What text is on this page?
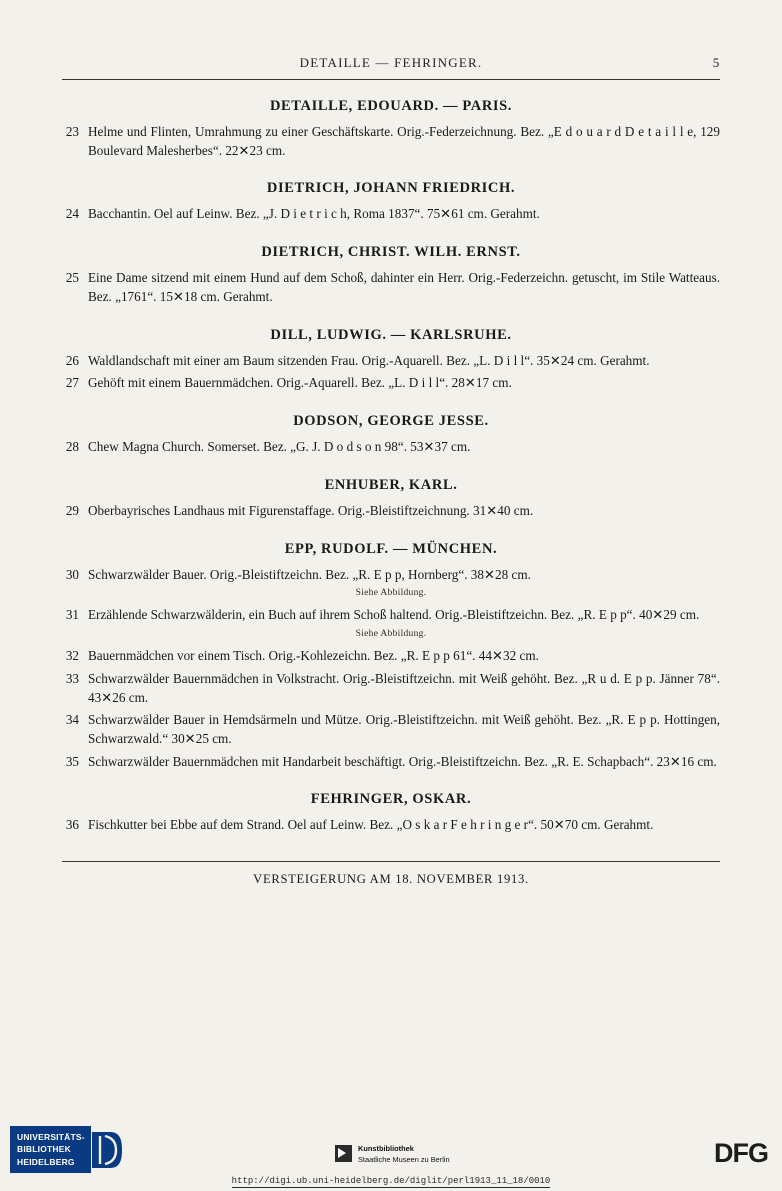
DETAILLE — FEHRINGER.	5
DETAILLE, EDOUARD. — PARIS.
23 Helme und Flinten, Umrahmung zu einer Geschäftskarte. Orig.-Federzeichnung. Bez. „E d o u a r d D e t a i l l e, 129 Boulevard Malesherbes“. 22✕23 cm.
DIETRICH, JOHANN FRIEDRICH.
24 Bacchantin. Oel auf Leinw. Bez. „J. D i e t r i c h, Roma 1837“. 75✕61 cm. Gerahmt.
DIETRICH, CHRIST. WILH. ERNST.
25 Eine Dame sitzend mit einem Hund auf dem Schoß, dahinter ein Herr. Orig.-Federzeichn. getuscht, im Stile Watteaus. Bez. „1761“. 15✕18 cm. Gerahmt.
DILL, LUDWIG. — KARLSRUHE.
26 Waldlandschaft mit einer am Baum sitzenden Frau. Orig.-Aquarell. Bez. „L. D i l l“. 35✕24 cm. Gerahmt.
27 Gehöft mit einem Bauernmädchen. Orig.-Aquarell. Bez. „L. D i l l“. 28✕17 cm.
DODSON, GEORGE JESSE.
28 Chew Magna Church. Somerset. Bez. „G. J. D o d s o n 98“. 53✕37 cm.
ENHUBER, KARL.
29 Oberbayrisches Landhaus mit Figurenstaffage. Orig.-Bleistiftzeichnung. 31✕40 cm.
EPP, RUDOLF. — MÜNCHEN.
30 Schwarzwälder Bauer. Orig.-Bleistiftzeichn. Bez. „R. E p p, Hornberg“. 38✕28 cm.
Siehe Abbildung.
31 Erzählende Schwarzwälderin, ein Buch auf ihrem Schoß haltend. Orig.-Bleistiftzeichn. Bez. „R. E p p“. 40✕29 cm.
Siehe Abbildung.
32 Bauernmädchen vor einem Tisch. Orig.-Kohlezeichn. Bez. „R. E p p 61“. 44✕32 cm.
33 Schwarzwälder Bauernmädchen in Volkstracht. Orig.-Bleistiftzeichn. mit Weiß gehöht. Bez. „R u d. E p p. Jänner 78“. 43✕26 cm.
34 Schwarzwälder Bauer in Hemdsärmeln und Mütze. Orig.-Bleistiftzeichn. mit Weiß gehöht. Bez. „R. E p p. Hottingen, Schwarzwald.“ 30✕25 cm.
35 Schwarzwälder Bauernmädchen mit Handarbeit beschäftigt. Orig.-Bleistiftzeichn. Bez. „R. E. Schapbach“. 23✕16 cm.
FEHRINGER, OSKAR.
36 Fischkutter bei Ebbe auf dem Strand. Oel auf Leinw. Bez. „O s k a r F e h r i n g e r“. 50✕70 cm. Gerahmt.
VERSTEIGERUNG AM 18. NOVEMBER 1913.
UNIVERSITÄTS-
BIBLIOTHEK
HEIDELBERG
Kunstbibliothek
Staatliche Museen zu Berlin	DFG
http://digi.ub.uni-heidelberg.de/diglit/perl1913_11_18/0010
